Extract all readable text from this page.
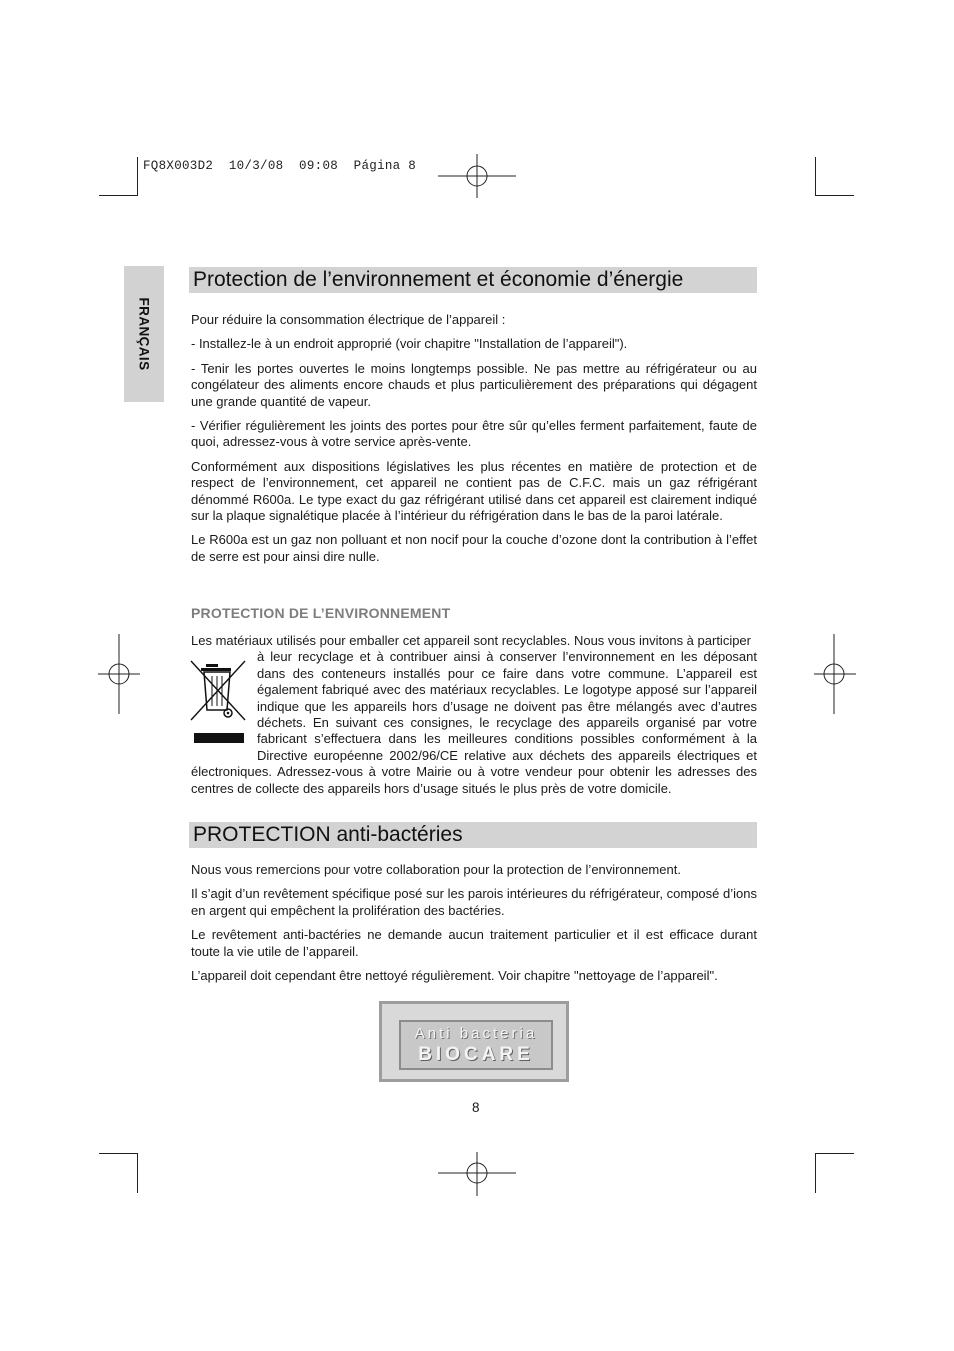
FQ8X003D2 10/3/08 09:08 Página 8
FRANÇAIS
Protection de l’environnement et économie d’énergie

Pour réduire la consommation électrique de l’appareil :

- Installez-le à un endroit approprié (voir chapitre "Installation de l’appareil").

- Tenir les portes ouvertes le moins longtemps possible. Ne pas mettre au réfrigérateur ou au congélateur des aliments encore chauds et plus particulièrement des préparations qui dégagent une grande quantité de vapeur.

- Vérifier régulièrement les joints des portes pour être sûr qu’elles ferment parfaitement, faute de quoi, adressez-vous à votre service après-vente.

Conformément aux dispositions législatives les plus récentes en matière de protection et de respect de l’environnement, cet appareil ne contient pas de C.F.C. mais un gaz réfrigérant dénommé R600a. Le type exact du gaz réfrigérant utilisé dans cet appareil est clairement indiqué sur la plaque signalétique placée à l’intérieur du réfrigération dans le bas de la paroi latérale.

Le R600a est un gaz non polluant et non nocif pour la couche d’ozone dont la contribution à l’effet de serre est pour ainsi dire nulle.

PROTECTION DE L’ENVIRONNEMENT

Les matériaux utilisés pour emballer cet appareil sont recyclables. Nous vous invitons à participer

à leur recyclage et à contribuer ainsi à conserver l’environnement en les déposant dans des conteneurs installés pour ce faire dans votre commune. L’appareil est également fabriqué avec des matériaux recyclables. Le logotype apposé sur l’appareil indique que les appareils hors d’usage ne doivent pas être mélangés avec d’autres déchets. En suivant ces consignes, le recyclage des appareils organisé par votre fabricant s’effectuera dans les meilleures conditions possibles conformément à la Directive européenne 2002/96/CE relative aux déchets des appareils électriques et électroniques. Adressez-vous à votre Mairie ou à votre vendeur pour obtenir les adresses des centres de collecte des appareils hors d’usage situés le plus près de votre domicile.

PROTECTION anti-bactéries

Nous vous remercions pour votre collaboration pour la protection de l’environnement.

Il s’agit d’un revêtement spécifique posé sur les parois intérieures du réfrigérateur, composé d’ions en argent qui empêchent la prolifération des bactéries.

Le revêtement anti-bactéries ne demande aucun traitement particulier et il est efficace durant toute la vie utile de l’appareil.

L’appareil doit cependant être nettoyé régulièrement. Voir chapitre "nettoyage de l’appareil".

Anti bacteria
BIOCARE
8
